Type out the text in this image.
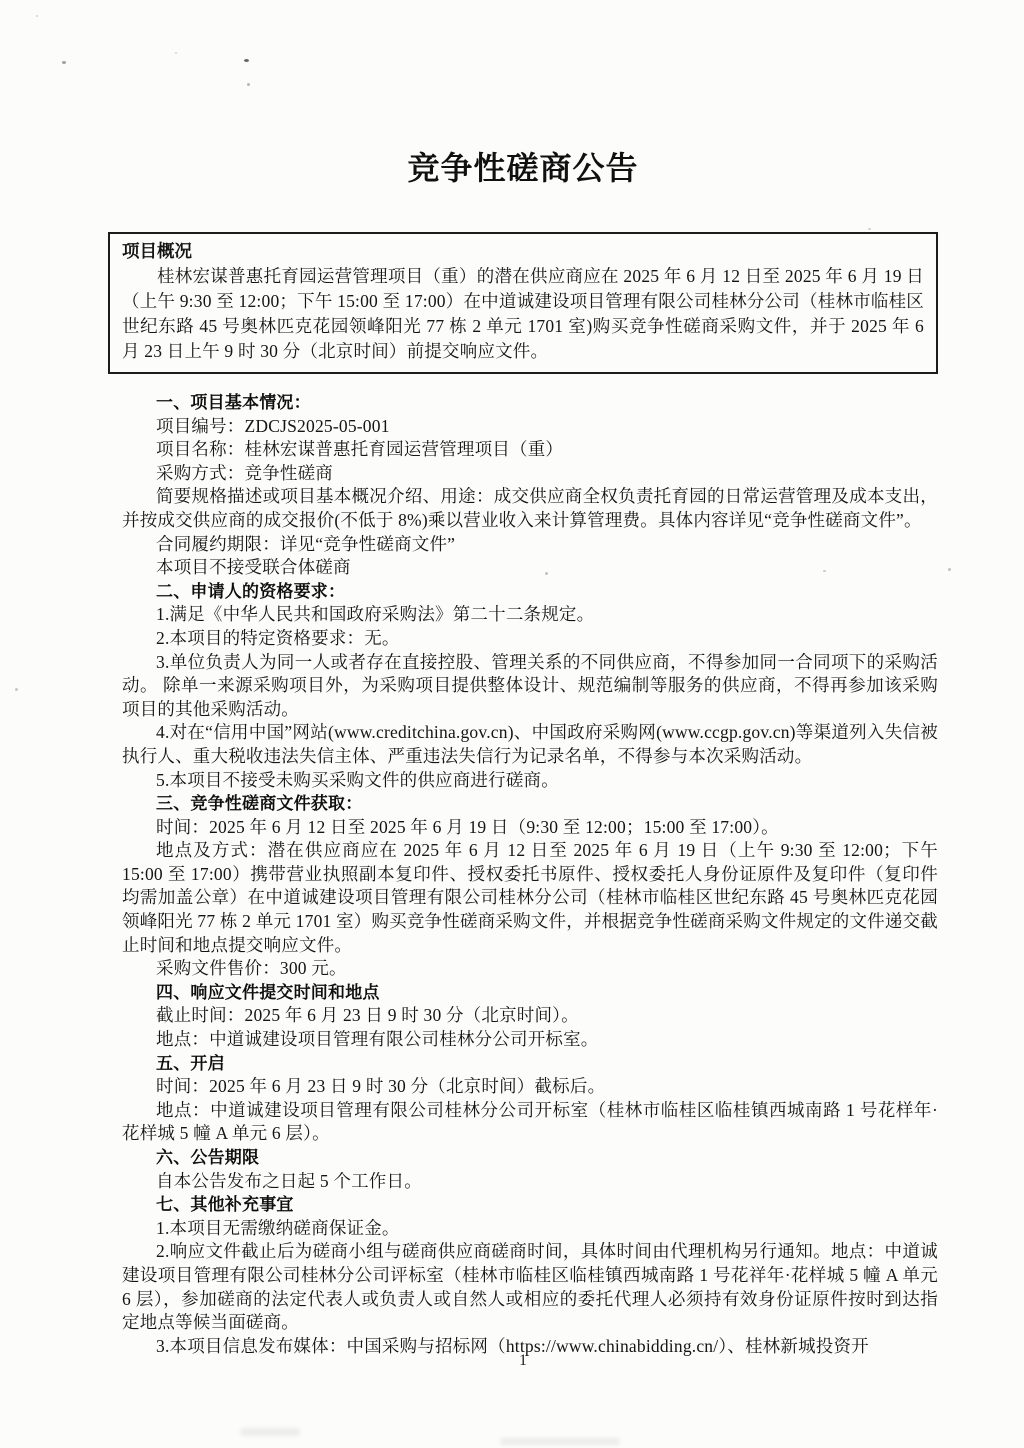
竞争性磋商公告

项目概况

桂林宏谋普惠托育园运营管理项目（重）的潜在供应商应在 2025 年 6 月 12 日至 2025 年 6 月 19 日（上午 9:30 至 12:00；下午 15:00 至 17:00）在中道诚建设项目管理有限公司桂林分公司（桂林市临桂区世纪东路 45 号奥林匹克花园领峰阳光 77 栋 2 单元 1701 室)购买竞争性磋商采购文件，并于 2025 年 6 月 23 日上午 9 时 30 分（北京时间）前提交响应文件。

一、项目基本情况：

项目编号：ZDCJS2025-05-001

项目名称：桂林宏谋普惠托育园运营管理项目（重）

采购方式：竞争性磋商

简要规格描述或项目基本概况介绍、用途：成交供应商全权负责托育园的日常运营管理及成本支出，并按成交供应商的成交报价(不低于 8%)乘以营业收入来计算管理费。具体内容详见“竞争性磋商文件”。

合同履约期限：详见“竞争性磋商文件”

本项目不接受联合体磋商

二、申请人的资格要求：

1.满足《中华人民共和国政府采购法》第二十二条规定。

2.本项目的特定资格要求：无。

3.单位负责人为同一人或者存在直接控股、管理关系的不同供应商，不得参加同一合同项下的采购活动。 除单一来源采购项目外，为采购项目提供整体设计、规范编制等服务的供应商，不得再参加该采购项目的其他采购活动。

4.对在“信用中国”网站(www.creditchina.gov.cn)、中国政府采购网(www.ccgp.gov.cn)等渠道列入失信被执行人、重大税收违法失信主体、严重违法失信行为记录名单，不得参与本次采购活动。

5.本项目不接受未购买采购文件的供应商进行磋商。

三、竞争性磋商文件获取：

时间：2025 年 6 月 12 日至 2025 年 6 月 19 日（9:30 至 12:00；15:00 至 17:00）。

地点及方式：潜在供应商应在 2025 年 6 月 12 日至 2025 年 6 月 19 日（上午 9:30 至 12:00；下午 15:00 至 17:00）携带营业执照副本复印件、授权委托书原件、授权委托人身份证原件及复印件（复印件均需加盖公章）在中道诚建设项目管理有限公司桂林分公司（桂林市临桂区世纪东路 45 号奥林匹克花园领峰阳光 77 栋 2 单元 1701 室）购买竞争性磋商采购文件，并根据竞争性磋商采购文件规定的文件递交截止时间和地点提交响应文件。

采购文件售价：300 元。

四、响应文件提交时间和地点

截止时间：2025 年 6 月 23 日 9 时 30 分（北京时间）。

地点：中道诚建设项目管理有限公司桂林分公司开标室。

五、开启

时间：2025 年 6 月 23 日 9 时 30 分（北京时间）截标后。

地点：中道诚建设项目管理有限公司桂林分公司开标室（桂林市临桂区临桂镇西城南路 1 号花样年·花样城 5 幢 A 单元 6 层）。

六、公告期限

自本公告发布之日起 5 个工作日。

七、其他补充事宜

1.本项目无需缴纳磋商保证金。

2.响应文件截止后为磋商小组与磋商供应商磋商时间，具体时间由代理机构另行通知。地点：中道诚建设项目管理有限公司桂林分公司评标室（桂林市临桂区临桂镇西城南路 1 号花祥年·花样城 5 幢 A 单元 6 层），参加磋商的法定代表人或负责人或自然人或相应的委托代理人必须持有效身份证原件按时到达指定地点等候当面磋商。

3.本项目信息发布媒体：中国采购与招标网（https://www.chinabidding.cn/）、桂林新城投资开

1
